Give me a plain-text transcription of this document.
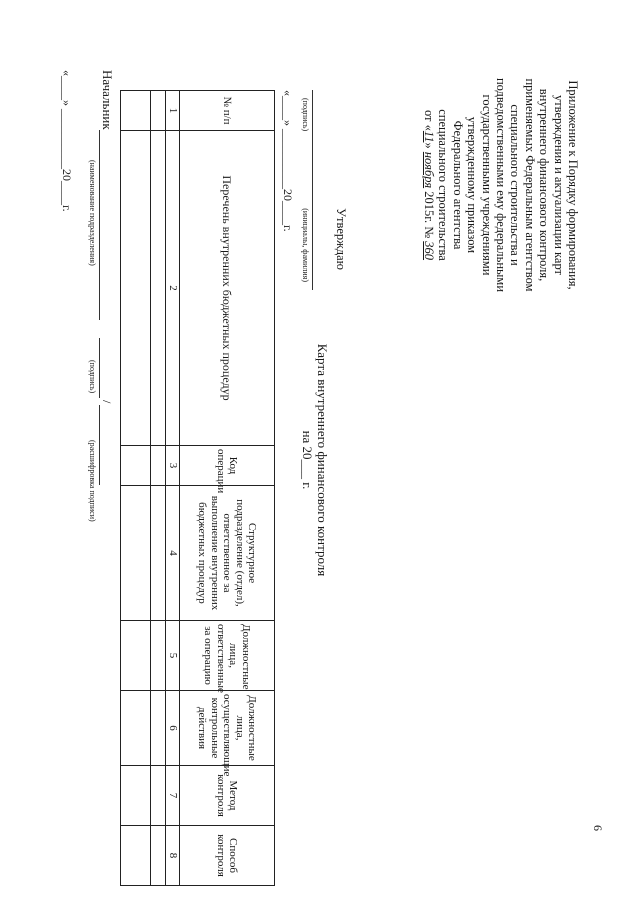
6
Приложение к Порядку формирования,
утверждения и актуализации карт
внутреннего финансового контроля,
применяемых Федеральным агентством
специального строительства и
подведомственными ему федеральными
государственными учреждениями
утвержденному приказом
Федерального агентства
специального строительства
от «11» ноября 2015г. № 360
Утверждаю
(подпись)
(инициалы, фамилия)
«____» __________20____г.
Карта внутреннего финансового контроля
на 20___ г.
№ п/п	Перечень внутренних бюджетных процедур	Код операции	Структурное подразделение (отдел), ответственное за выполнение внутренних бюджетных процедур	Должностные лица, ответственные за операцию	Должностные лица, осуществляющие контрольные действия	Метод контроля	Способ контроля
1	2	3	4	5	6	7	8

Начальник
/
(наименование подразделения)
(подпись)
(расшифровка подписи)
«____» __________20____г.
